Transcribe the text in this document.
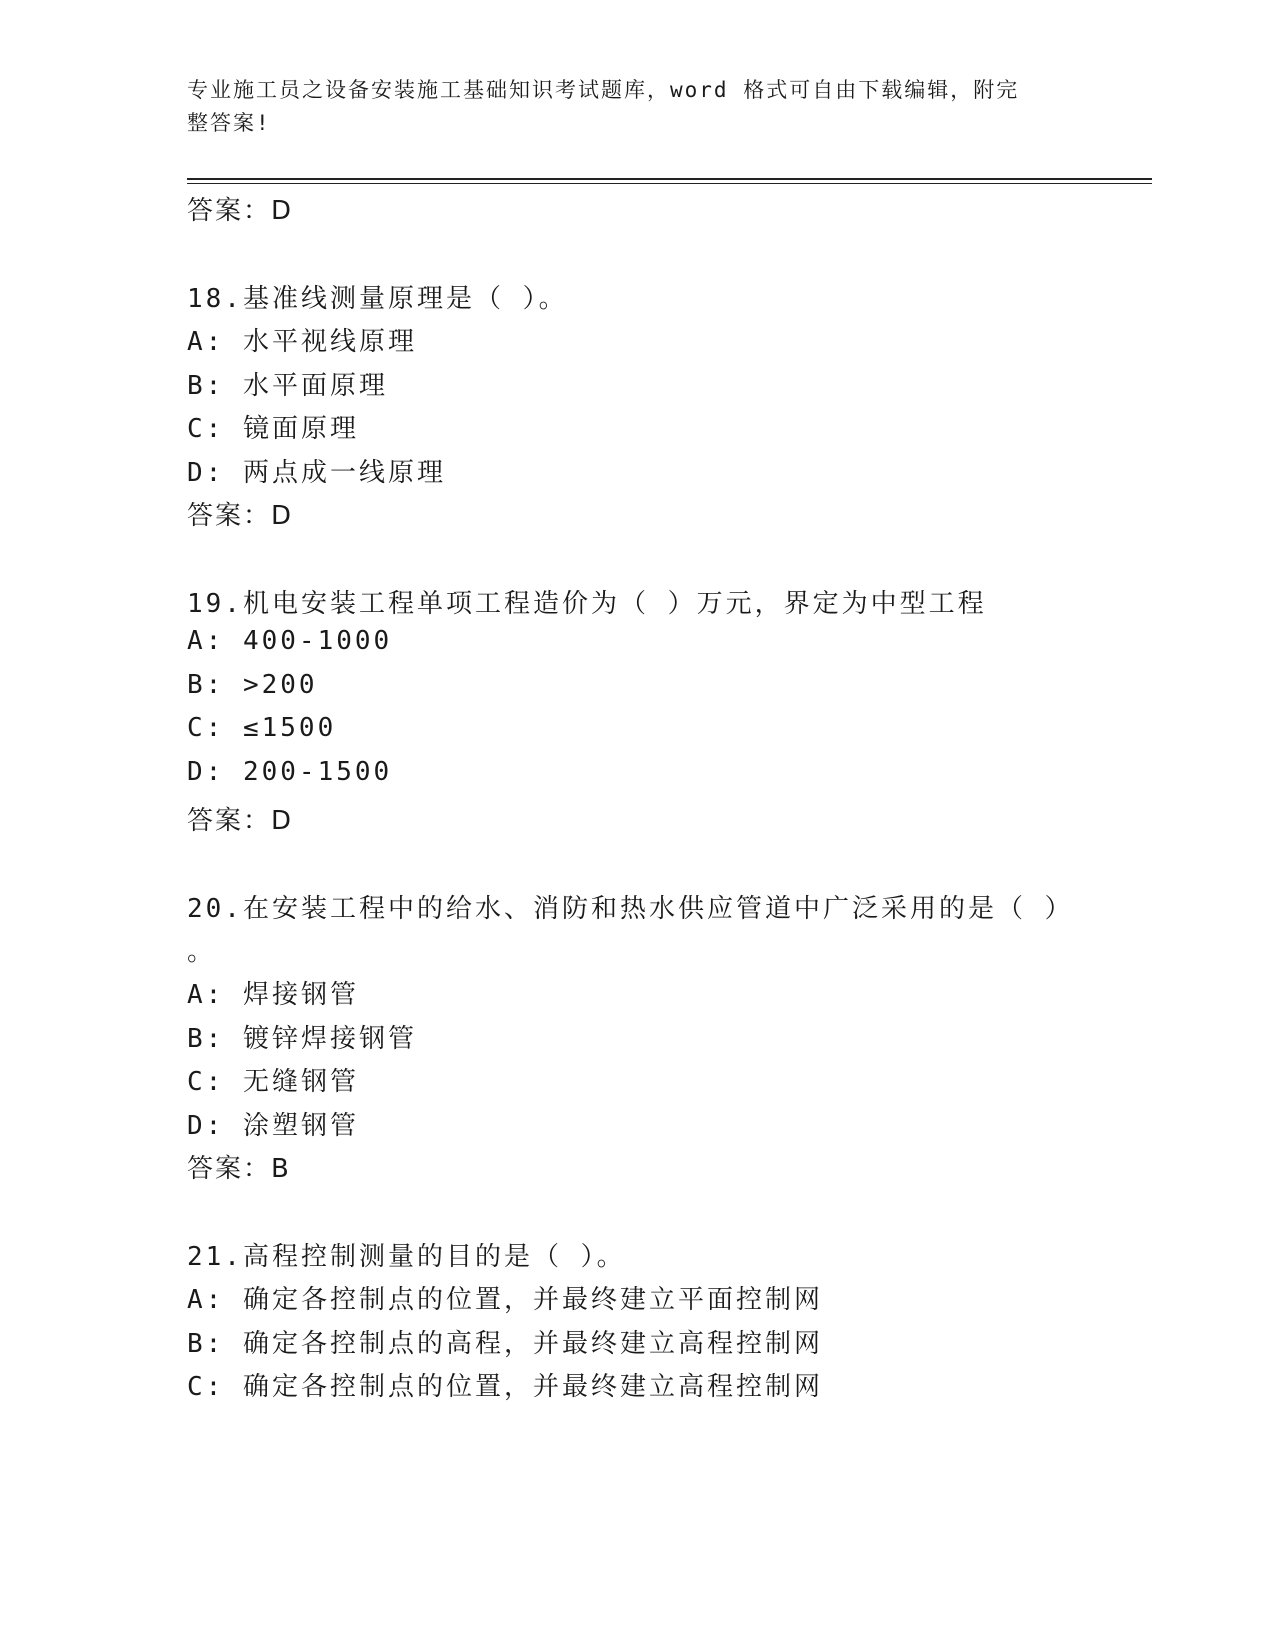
专业施工员之设备安装施工基础知识考试题库，word 格式可自由下载编辑，附完
整答案!
答案：D
18.基准线测量原理是（ ）。
A: 水平视线原理
B: 水平面原理
C: 镜面原理
D: 两点成一线原理
答案：D
19.机电安装工程单项工程造价为（ ）万元，界定为中型工程
A: 400-1000
B: >200
C: ≤1500
D: 200-1500
答案：D
20.在安装工程中的给水、消防和热水供应管道中广泛采用的是（ ）
。
A: 焊接钢管
B: 镀锌焊接钢管
C: 无缝钢管
D: 涂塑钢管
答案：B
21.高程控制测量的目的是（ ）。
A: 确定各控制点的位置，并最终建立平面控制网
B: 确定各控制点的高程，并最终建立高程控制网
C: 确定各控制点的位置，并最终建立高程控制网
